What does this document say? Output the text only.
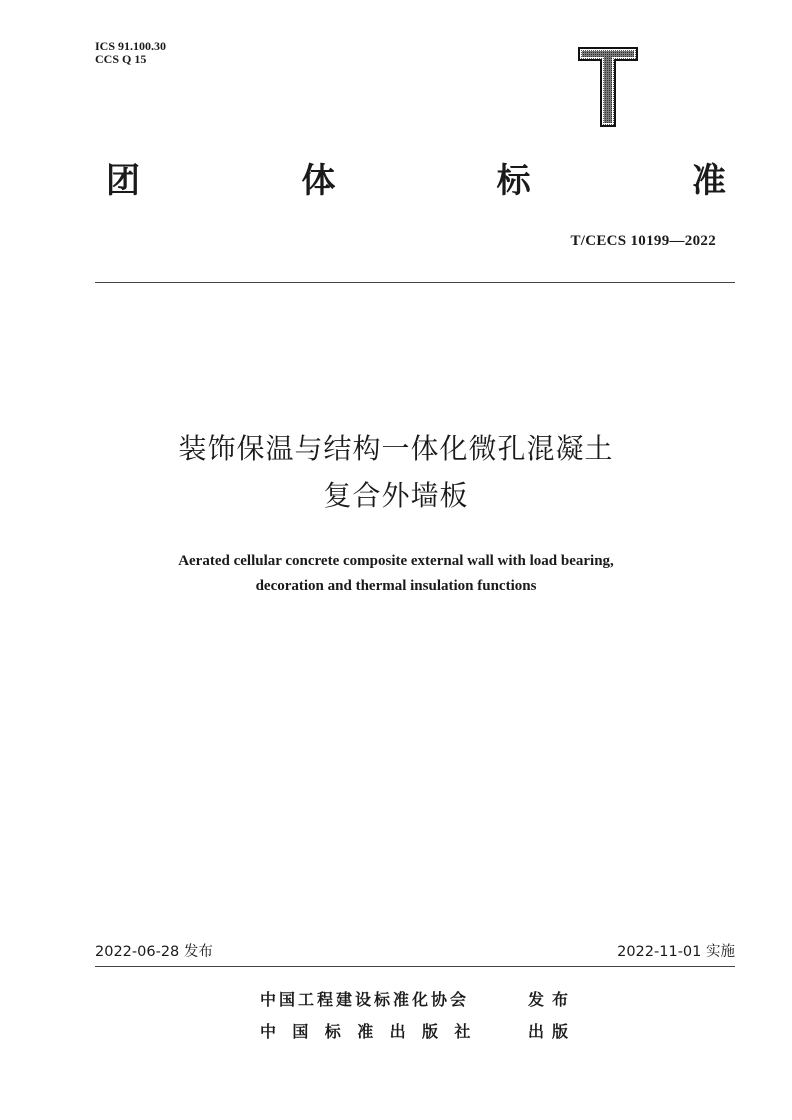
ICS 91.100.30
CCS Q 15
团	体	标	准
T/CECS 10199—2022
装饰保温与结构一体化微孔混凝土
复合外墙板
Aerated cellular concrete composite external wall with load bearing,
decoration and thermal insulation functions
2022-06-28 发布	2022-11-01 实施
中国工程建设标准化协会	发布
中国标准出版社	出版
